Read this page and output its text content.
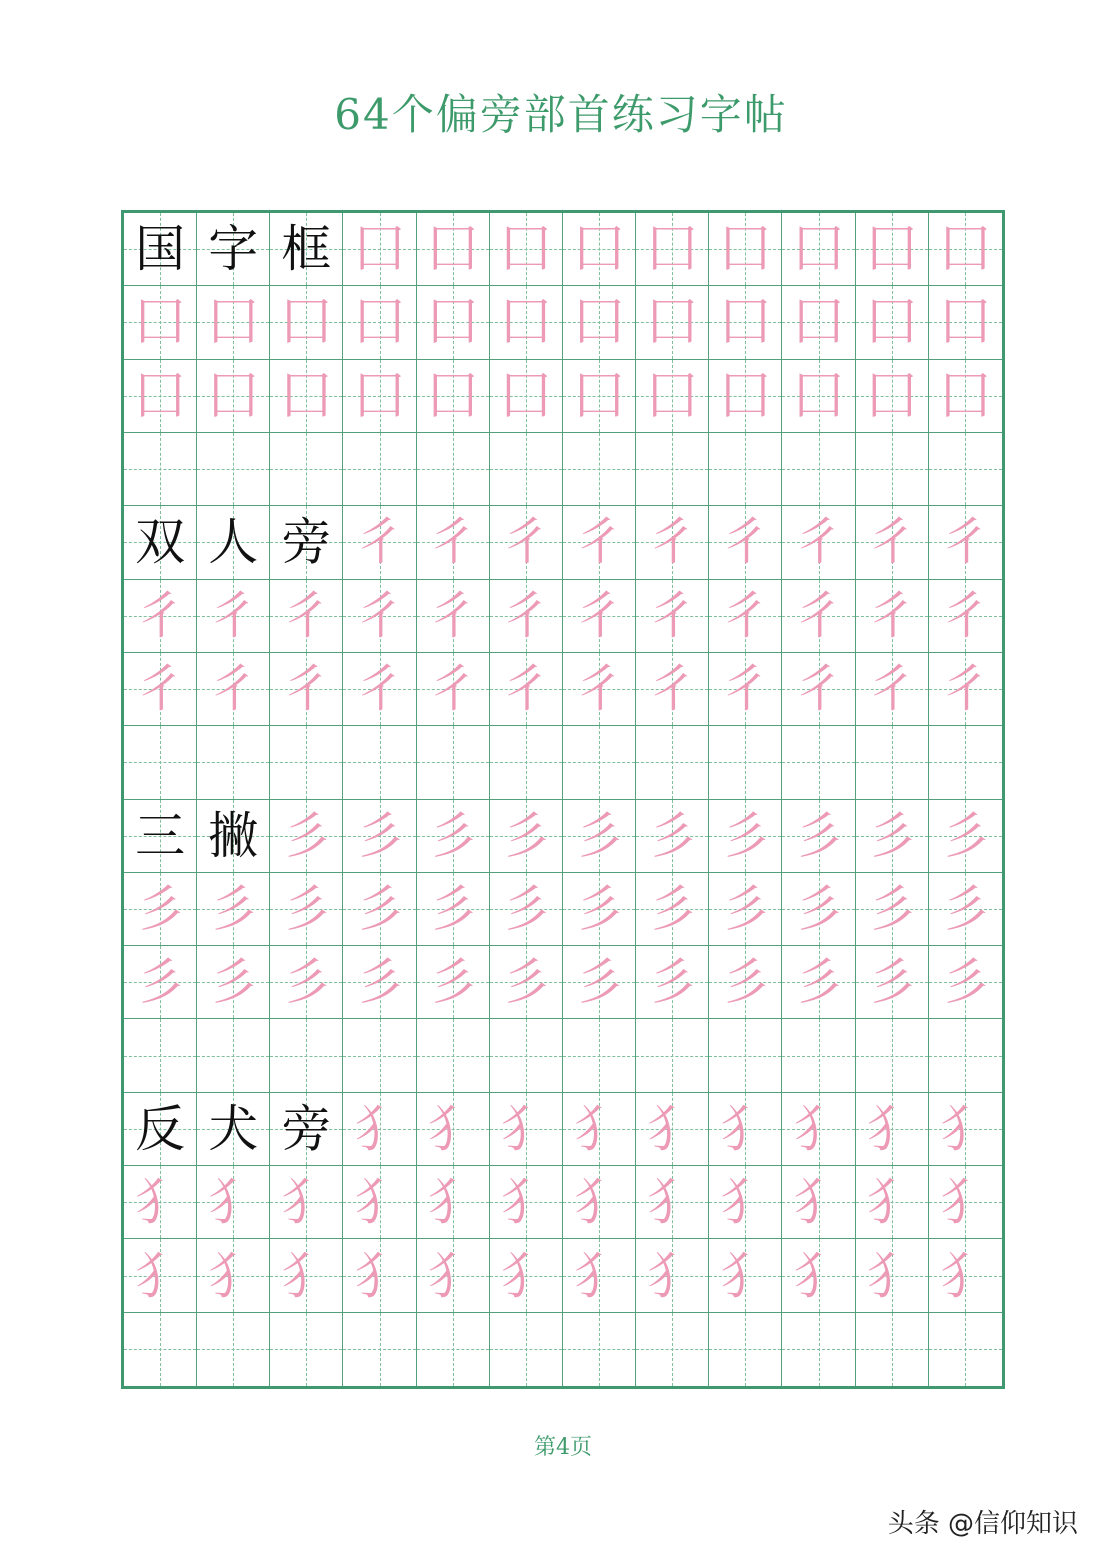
64个偏旁部首练习字帖
国 字 框 囗 囗 囗 囗 囗 囗 囗 囗 囗
囗 囗 囗 囗 囗 囗 囗 囗 囗 囗 囗 囗
囗 囗 囗 囗 囗 囗 囗 囗 囗 囗 囗 囗
双 人 旁 彳 彳 彳 彳 彳 彳 彳 彳 彳
彳 彳 彳 彳 彳 彳 彳 彳 彳 彳 彳 彳
彳 彳 彳 彳 彳 彳 彳 彳 彳 彳 彳 彳
三 撇 彡 彡 彡 彡 彡 彡 彡 彡 彡 彡
彡 彡 彡 彡 彡 彡 彡 彡 彡 彡 彡 彡
彡 彡 彡 彡 彡 彡 彡 彡 彡 彡 彡 彡
反 犬 旁 犭 犭 犭 犭 犭 犭 犭 犭 犭
犭 犭 犭 犭 犭 犭 犭 犭 犭 犭 犭 犭
犭 犭 犭 犭 犭 犭 犭 犭 犭 犭 犭 犭
第4页
头条 @信仰知识
